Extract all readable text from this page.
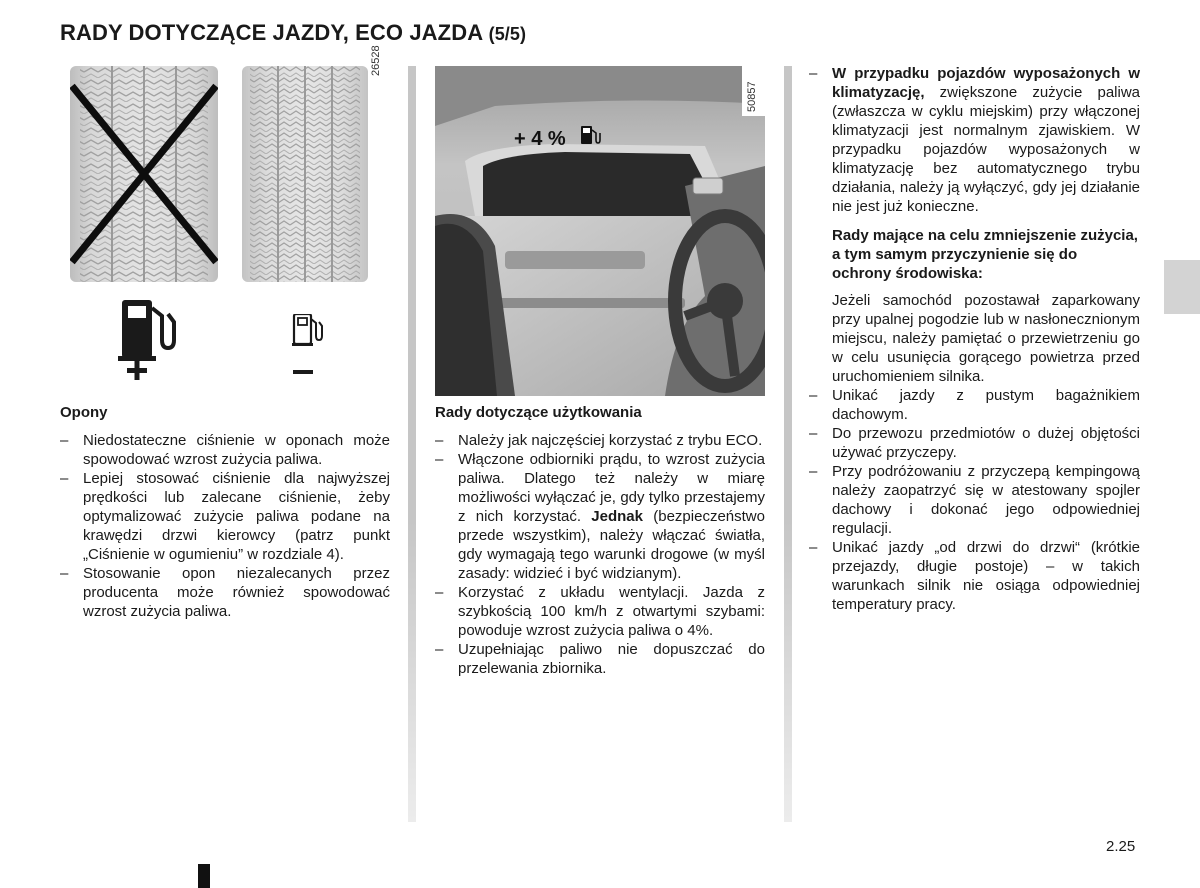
RADY DOTYCZĄCE JAZDY, ECO JAZDA (5/5)
26528
+ 4 %
50857
Opony
– Niedostateczne ciśnienie w oponach może spowodować wzrost zużycia paliwa.
– Lepiej stosować ciśnienie dla najwyższej prędkości lub zalecane ciśnienie, żeby optymalizować zużycie paliwa podane na krawędzi drzwi kierowcy (patrz punkt „Ciśnienie w ogumieniu” w rozdziale 4).
– Stosowanie opon niezalecanych przez producenta może również spowodować wzrost zużycia paliwa.
Rady dotyczące użytkowania
– Należy jak najczęściej korzystać z trybu ECO.
– Włączone odbiorniki prądu, to wzrost zużycia paliwa. Dlatego też należy w miarę możliwości wyłączać je, gdy tylko przestajemy z nich korzystać. Jednak (bezpieczeństwo przede wszystkim), należy włączać światła, gdy wymagają tego warunki drogowe (w myśl zasady: widzieć i być widzianym).
– Korzystać z układu wentylacji. Jazda z szybkością 100 km/h z otwartymi szybami: powoduje wzrost zużycia paliwa o 4%.
– Uzupełniając paliwo nie dopuszczać do przelewania zbiornika.
– W przypadku pojazdów wyposażonych w klimatyzację, zwiększone zużycie paliwa (zwłaszcza w cyklu miejskim) przy włączonej klimatyzacji jest normalnym zjawiskiem. W przypadku pojazdów wyposażonych w klimatyzację bez automatycznego trybu działania, należy ją wyłączyć, gdy jej działanie nie jest już konieczne.
Rady mające na celu zmniejszenie zużycia, a tym samym przyczynienie się do ochrony środowiska:
Jeżeli samochód pozostawał zaparkowany przy upalnej pogodzie lub w nasłonecznionym miejscu, należy pamiętać o przewietrzeniu go w celu usunięcia gorącego powietrza przed uruchomieniem silnika.
– Unikać jazdy z pustym bagażnikiem dachowym.
– Do przewozu przedmiotów o dużej objętości używać przyczepy.
– Przy podróżowaniu z przyczepą kempingową należy zaopatrzyć się w atestowany spojler dachowy i dokonać jego odpowiedniej regulacji.
– Unikać jazdy „od drzwi do drzwi“ (krótkie przejazdy, długie postoje) – w takich warunkach silnik nie osiąga odpowiedniej temperatury pracy.
2.25
